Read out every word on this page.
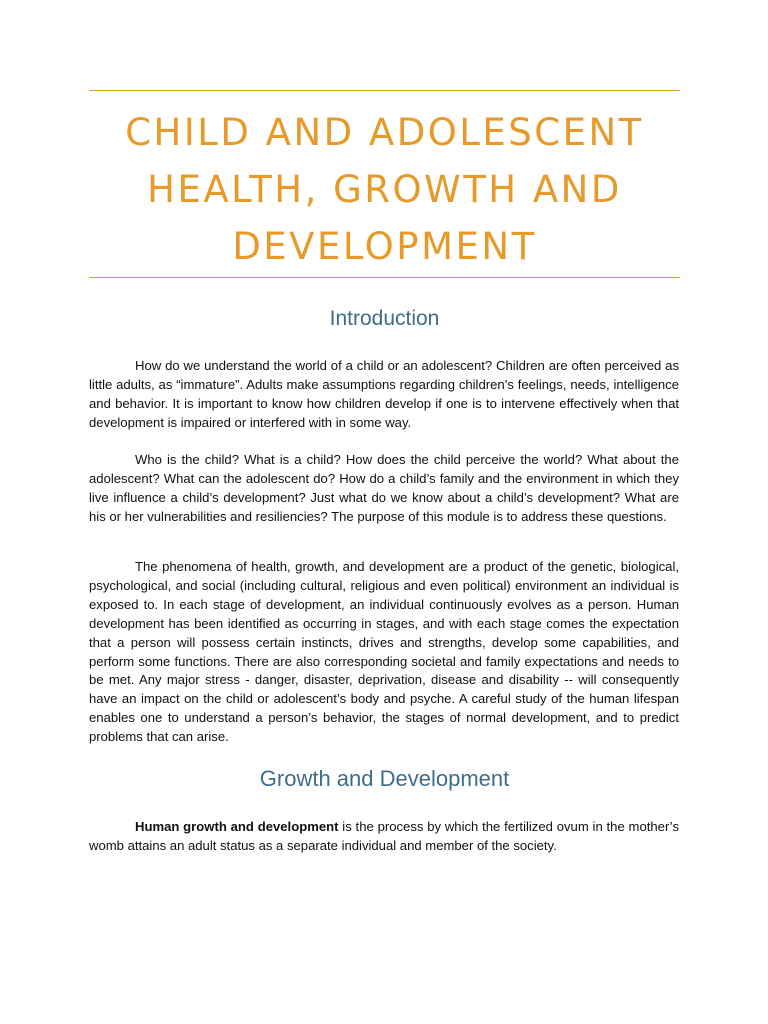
CHILD AND ADOLESCENT HEALTH, GROWTH AND DEVELOPMENT
Introduction

How do we understand the world of a child or an adolescent? Children are often perceived as little adults, as “immature”. Adults make assumptions regarding children’s feelings, needs, intelligence and behavior. It is important to know how children develop if one is to intervene effectively when that development is impaired or interfered with in some way.

Who is the child? What is a child? How does the child perceive the world? What about the adolescent? What can the adolescent do? How do a child’s family and the environment in which they live influence a child’s development? Just what do we know about a child’s development? What are his or her vulnerabilities and resiliencies? The purpose of this module is to address these questions.

The phenomena of health, growth, and development are a product of the genetic, biological, psychological, and social (including cultural, religious and even political) environment an individual is exposed to. In each stage of development, an individual continuously evolves as a person. Human development has been identified as occurring in stages, and with each stage comes the expectation that a person will possess certain instincts, drives and strengths, develop some capabilities, and perform some functions. There are also corresponding societal and family expectations and needs to be met. Any major stress - danger, disaster, deprivation, disease and disability -- will consequently have an impact on the child or adolescent’s body and psyche. A careful study of the human lifespan enables one to understand a person’s behavior, the stages of normal development, and to predict problems that can arise.

Growth and Development

Human growth and development is the process by which the fertilized ovum in the mother’s womb attains an adult status as a separate individual and member of the society.
